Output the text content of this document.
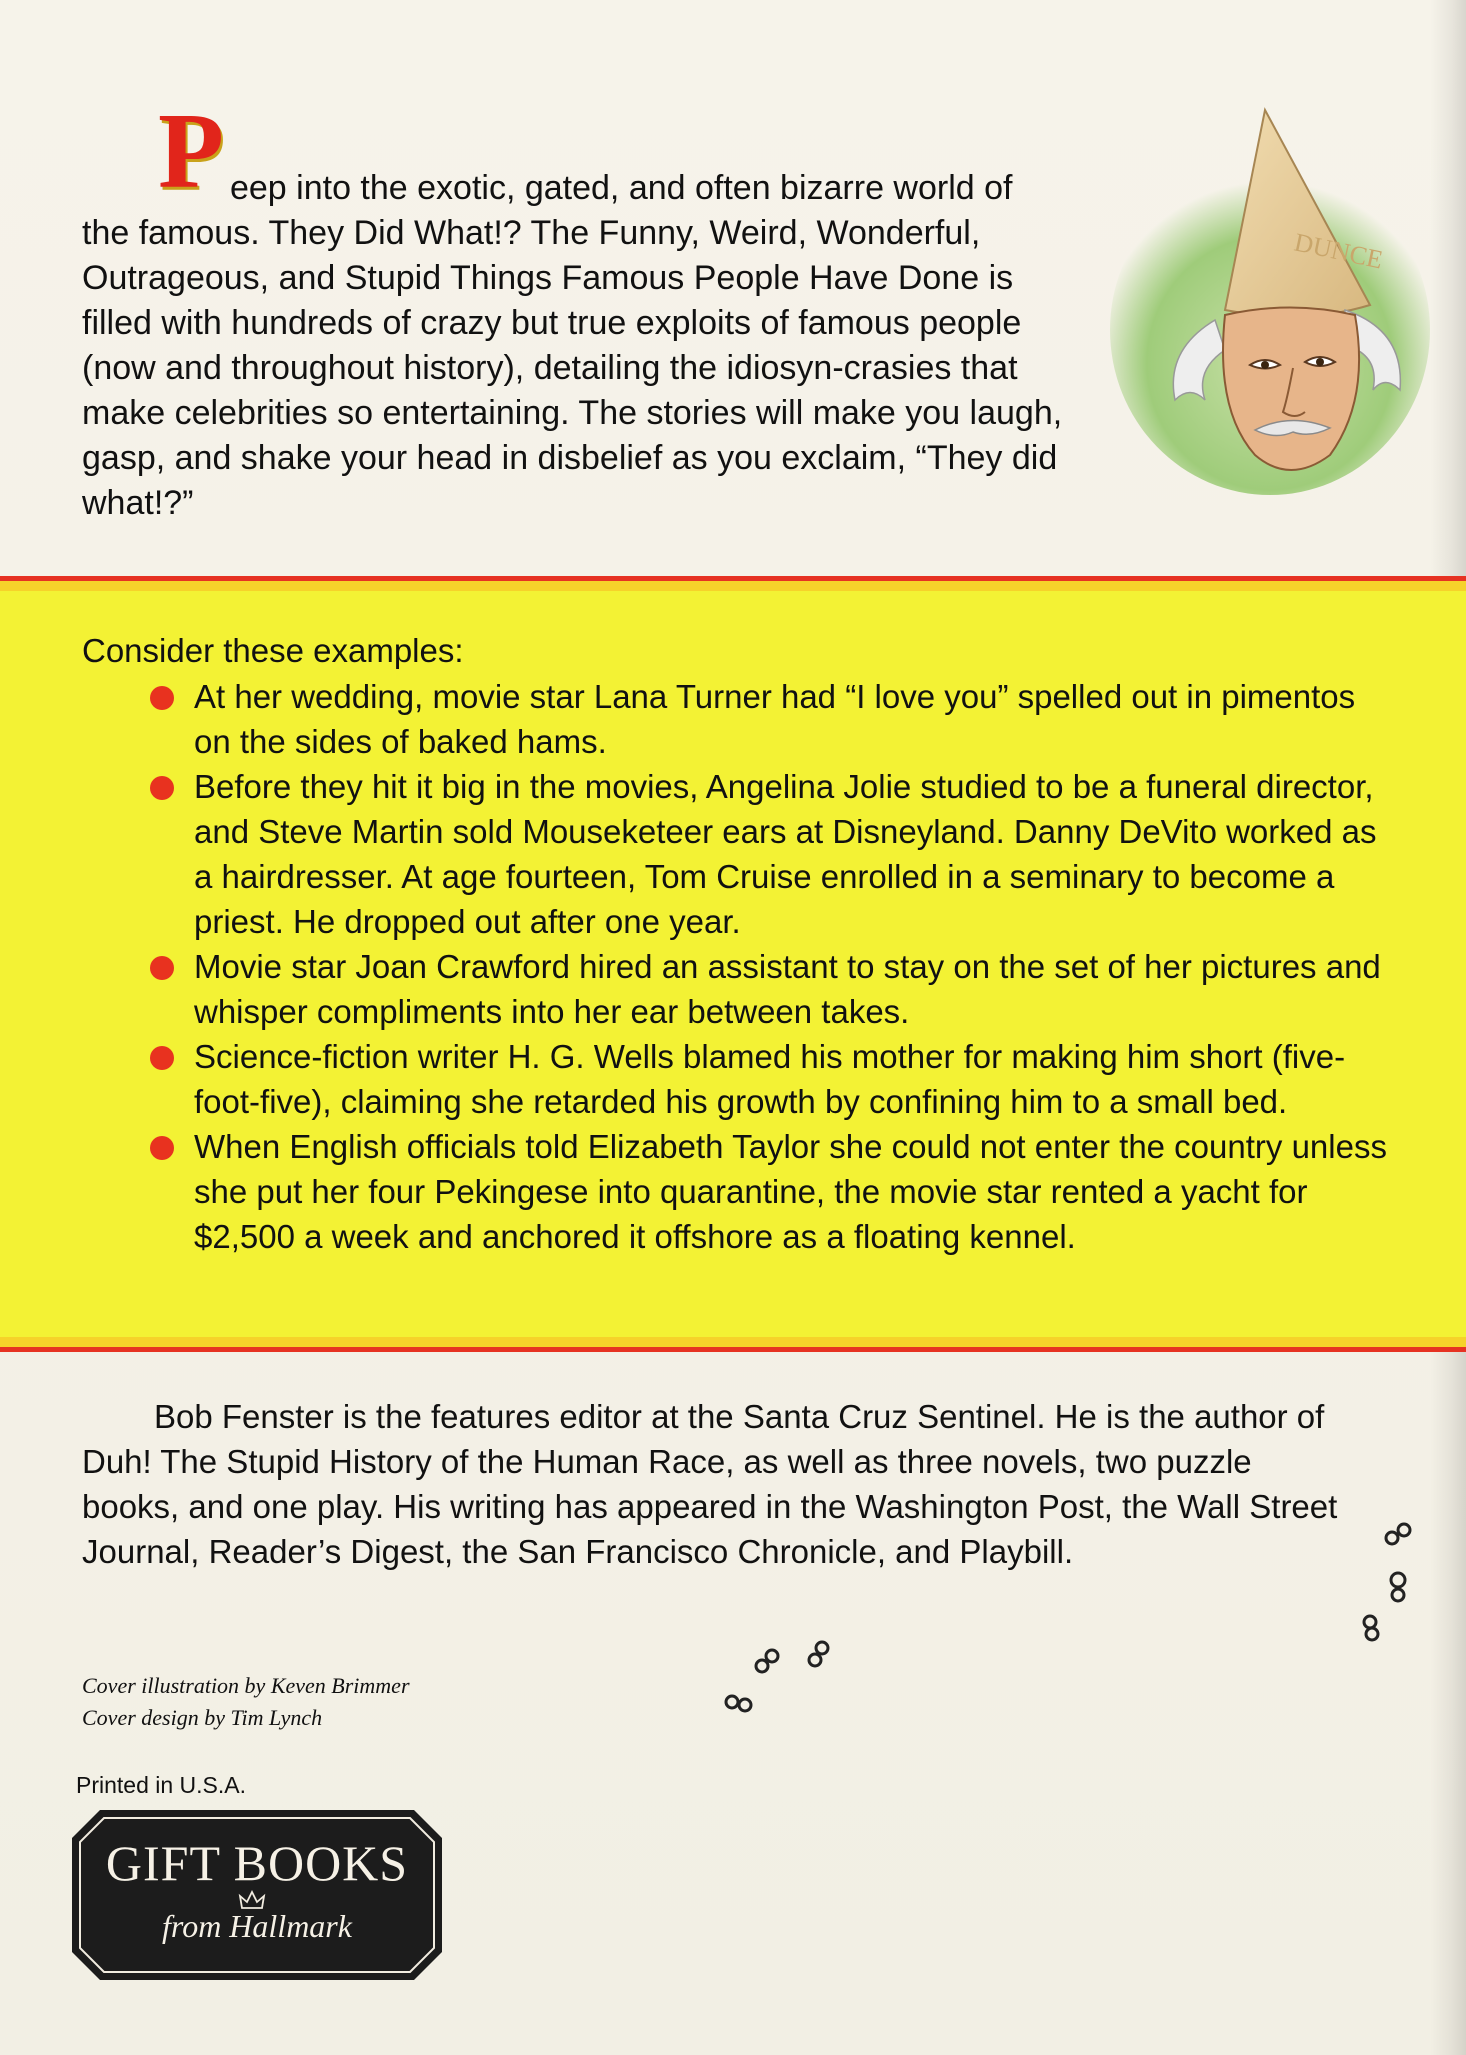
P eep into the exotic, gated, and often bizarre world of
the famous. They Did What!? The Funny, Weird, Wonderful, Outrageous, and Stupid Things Famous People Have Done is filled with hundreds of crazy but true exploits of famous people (now and throughout history), detailing the idiosyn-crasies that make celebrities so entertaining. The stories will make you laugh, gasp, and shake your head in disbelief as you exclaim, “They did what!?”
DUNCE
Consider these examples:
At her wedding, movie star Lana Turner had “I love you” spelled out in pimentos on the sides of baked hams.
Before they hit it big in the movies, Angelina Jolie studied to be a funeral director, and Steve Martin sold Mouseketeer ears at Disneyland. Danny DeVito worked as a hairdresser. At age fourteen, Tom Cruise enrolled in a seminary to become a priest. He dropped out after one year.
Movie star Joan Crawford hired an assistant to stay on the set of her pictures and whisper compliments into her ear between takes.
Science-fiction writer H. G. Wells blamed his mother for making him short (five-foot-five), claiming she retarded his growth by confining him to a small bed.
When English officials told Elizabeth Taylor she could not enter the country unless she put her four Pekingese into quarantine, the movie star rented a yacht for $2,500 a week and anchored it offshore as a floating kennel.
Bob Fenster is the features editor at the Santa Cruz Sentinel. He is the author of Duh! The Stupid History of the Human Race, as well as three novels, two puzzle books, and one play. His writing has appeared in the Washington Post, the Wall Street Journal, Reader’s Digest, the San Francisco Chronicle, and Playbill.
Cover illustration by Keven Brimmer
Cover design by Tim Lynch
Printed in U.S.A.
GIFT BOOKS
from Hallmark
